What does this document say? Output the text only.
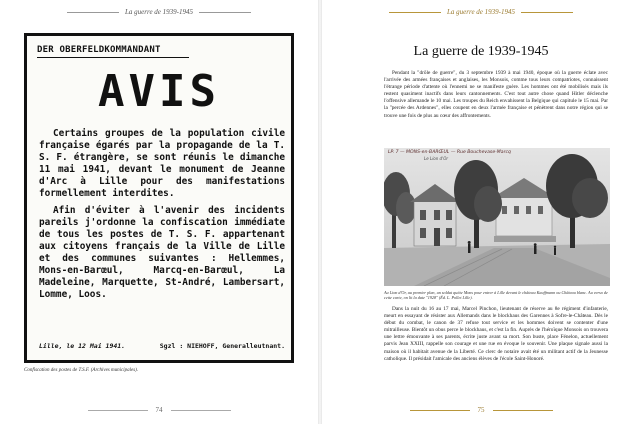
La guerre de 1939-1945
DER OBERFELDKOMMANDANT
AVIS

Certains groupes de la population civile française égarés par la propagande de la T. S. F. étrangère, se sont réunis le dimanche 11 mai 1941, devant le monument de Jeanne d'Arc à Lille pour des manifestations formellement interdites.

Afin d'éviter à l'avenir des incidents pareils j'ordonne la confiscation immédiate de tous les postes de T. S. F. appartenant aux citoyens français de la Ville de Lille et des communes suivantes : Hellemmes, Mons-en-Barœul, Marcq-en-Barœul, La Madeleine, Marquette, St-André, Lambersart, Lomme, Loos.

Lille, le 12 Mai 1941.	Sgzl : NIEHOFF, Generalleutnant.
Confiscation des postes de T.S.F. (Archives municipales).
74
La guerre de 1939-1945
La guerre de 1939-1945

Pendant la "drôle de guerre", du 3 septembre 1939 à mai 1940, époque où la guerre éclate avec l'arrivée des armées françaises et anglaises, les Monsois, comme tous leurs compatriotes, connaissent l'étrange période d'attente où l'ennemi ne se manifeste guère. Les hommes ont été mobilisés mais ils restent quasiment inactifs dans leurs cantonnements. C'est tout autre chose quand Hitler déclenche l'offensive allemande le 10 mai. Les troupes du Reich envahissent la Belgique qui capitule le 15 mai. Par la "percée des Ardennes", elles coupent en deux l'armée française et pénètrent dans notre région qui se trouve une fois de plus au cœur des affrontements.

LP. 7 — MONS-en-BARŒUL — Rue Bouchevase-Marcq
Le Lion d'Or
Au Lion d'Or, au premier plan, un soldat quitte Mons pour entrer à Lille devant le château Kauffmann ou Château blanc. Au verso de cette carte, on lit la date "1928" (Éd. L. Pollet Lille).

Dans la nuit du 16 au 17 mai, Marcel Pinchon, lieutenant de réserve au 8e régiment d'infanterie, meurt en essayant de résister aux Allemands dans le blockhaus des Garennes à Sofre-le-Château. Dès le début du combat, le canon de 37 refuse tout service et les hommes doivent se contenter d'une mitrailleuse. Bientôt un obus perce le blockhaus, et c'est la fin. Auprès de l'héroïque Monsois on trouvera une lettre émouvante à ses parents, écrite juste avant sa mort. Son buste, place Fénelon, actuellement parvis Jean XXIII, rappelle son courage et une rue en évoque le souvenir. Une plaque signale aussi la maison où il habitait avenue de la Liberté. Ce clerc de notaire avait été un militant actif de la Jeunesse catholique. Il présidait l'amicale des anciens élèves de l'école Saint-Honoré.

75
